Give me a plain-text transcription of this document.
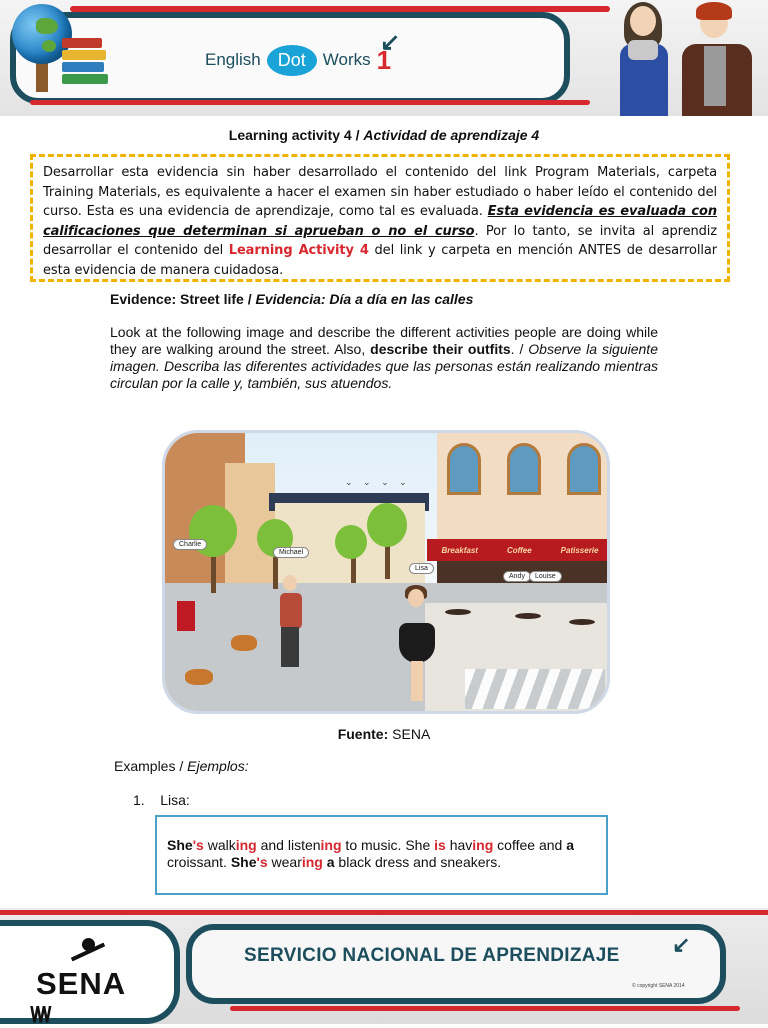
English Dot	Works 1
↙
Learning activity 4 / Actividad de aprendizaje 4
Desarrollar esta evidencia sin haber desarrollado el contenido del link Program Materials, carpeta Training Materials, es equivalente a hacer el examen sin haber estudiado o haber leído el contenido del curso. Esta es una evidencia de aprendizaje, como tal es evaluada. Esta evidencia es evaluada con calificaciones que determinan si aprueban o no el curso. Por lo tanto, se invita al aprendiz desarrollar el contenido del Learning Activity 4 del link y carpeta en mención ANTES de desarrollar esta evidencia de manera cuidadosa.
Evidence: Street life / Evidencia: Día a día en las calles
Look at the following image and describe the different activities people are doing while they are walking around the street. Also, describe their outfits. / Observe la siguiente imagen. Describa las diferentes actividades que las personas están realizando mientras circulan por la calle y, también, sus atuendos.
⌄ ⌄ ⌄ ⌄
Breakfast	Coffee	Patisserie
Charlie
Michael
Lisa
Andy	Louise
Fuente: SENA
Examples / Ejemplos:
1. Lisa:
She's walking and listening to music. She is having coffee and a croissant. She's wearing a black dress and sneakers.
SENA
\/\/\/
SERVICIO NACIONAL DE APRENDIZAJE ↙
© copyright SENA 2014
